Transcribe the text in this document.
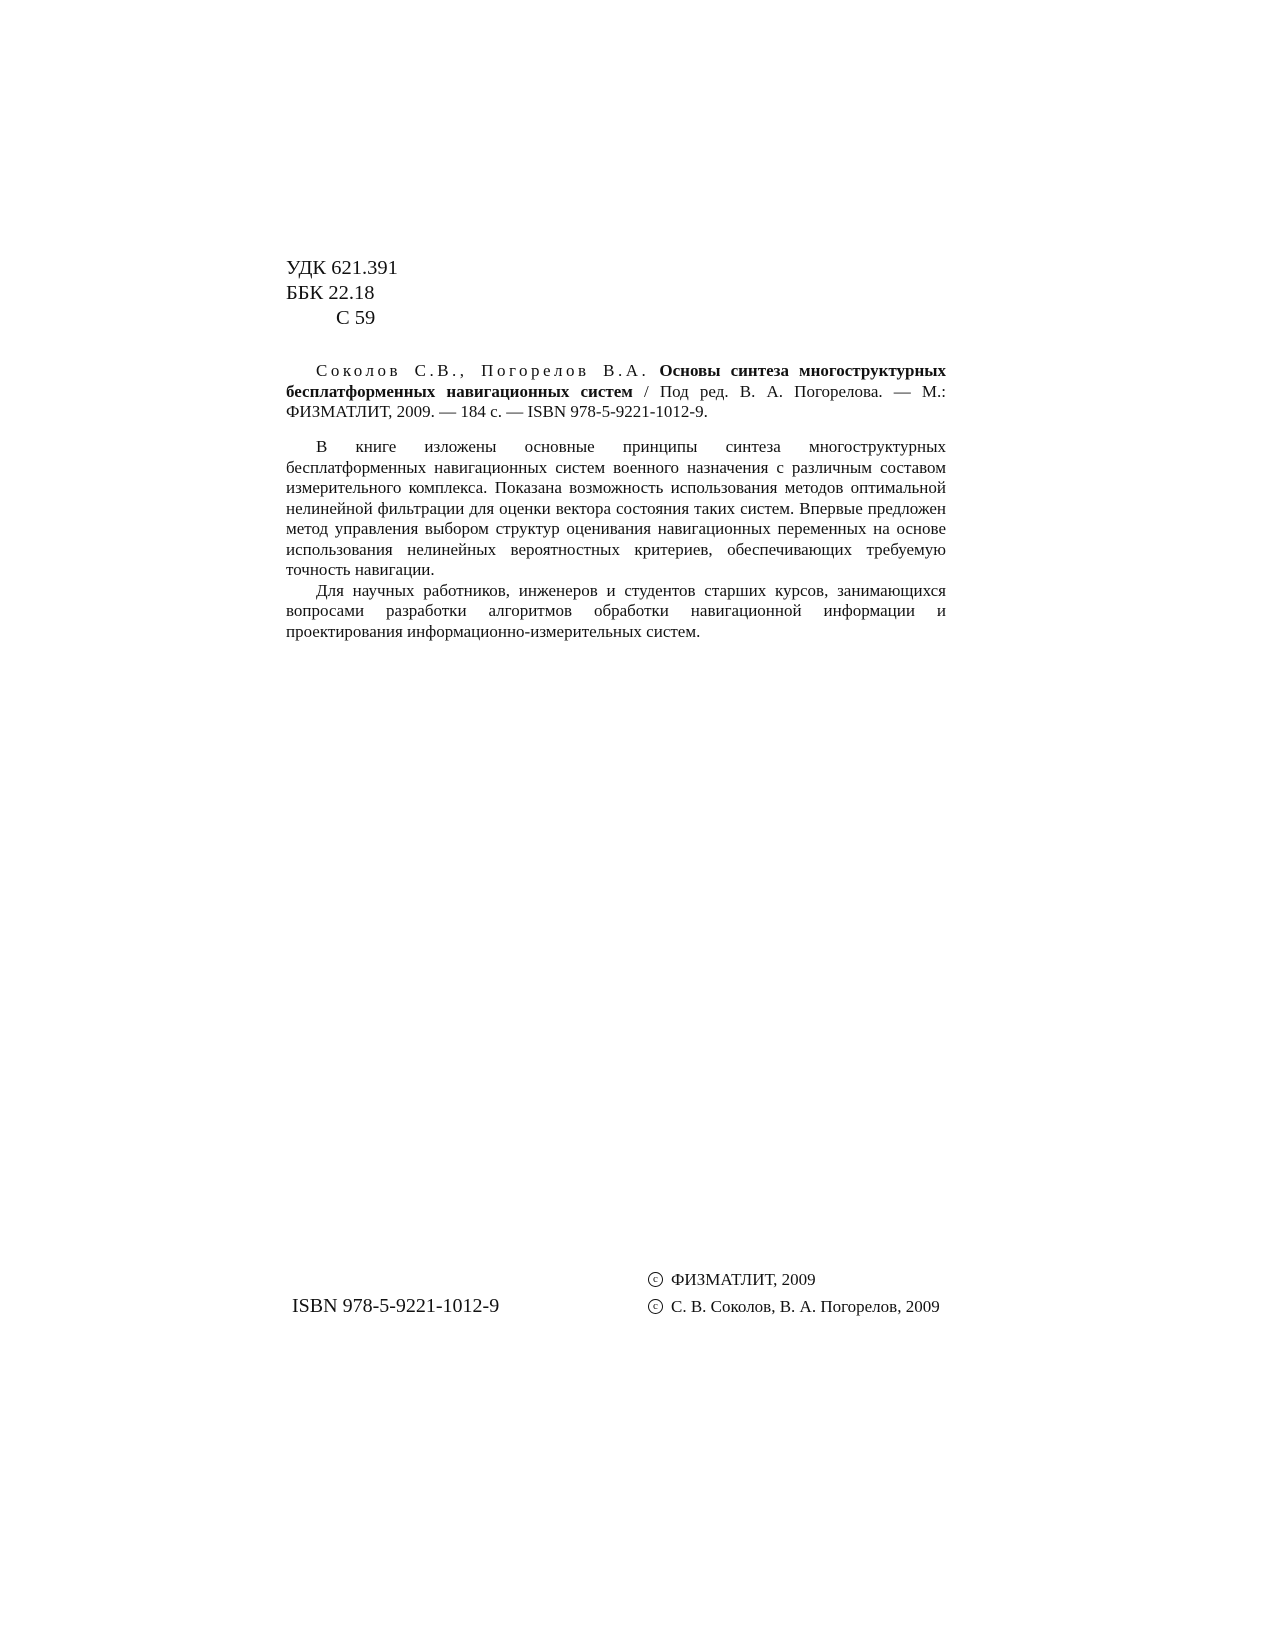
УДК 621.391
ББК 22.18
С 59

Соколов С.В., Погорелов В.А. Основы синтеза многоструктурных бесплатформенных навигационных систем / Под ред. В. А. Погорелова. — М.: ФИЗМАТЛИТ, 2009. — 184 с. — ISBN 978-5-9221-1012-9.

В книге изложены основные принципы синтеза многоструктурных бесплатформенных навигационных систем военного назначения с различным составом измерительного комплекса. Показана возможность использования методов оптимальной нелинейной фильтрации для оценки вектора состояния таких систем. Впервые предложен метод управления выбором структур оценивания навигационных переменных на основе использования нелинейных вероятностных критериев, обеспечивающих требуемую точность навигации.

Для научных работников, инженеров и студентов старших курсов, занимающихся вопросами разработки алгоритмов обработки навигационной информации и проектирования информационно-измерительных систем.

ISBN 978-5-9221-1012-9
c ФИЗМАТЛИТ, 2009
c С. В. Соколов, В. А. Погорелов, 2009
